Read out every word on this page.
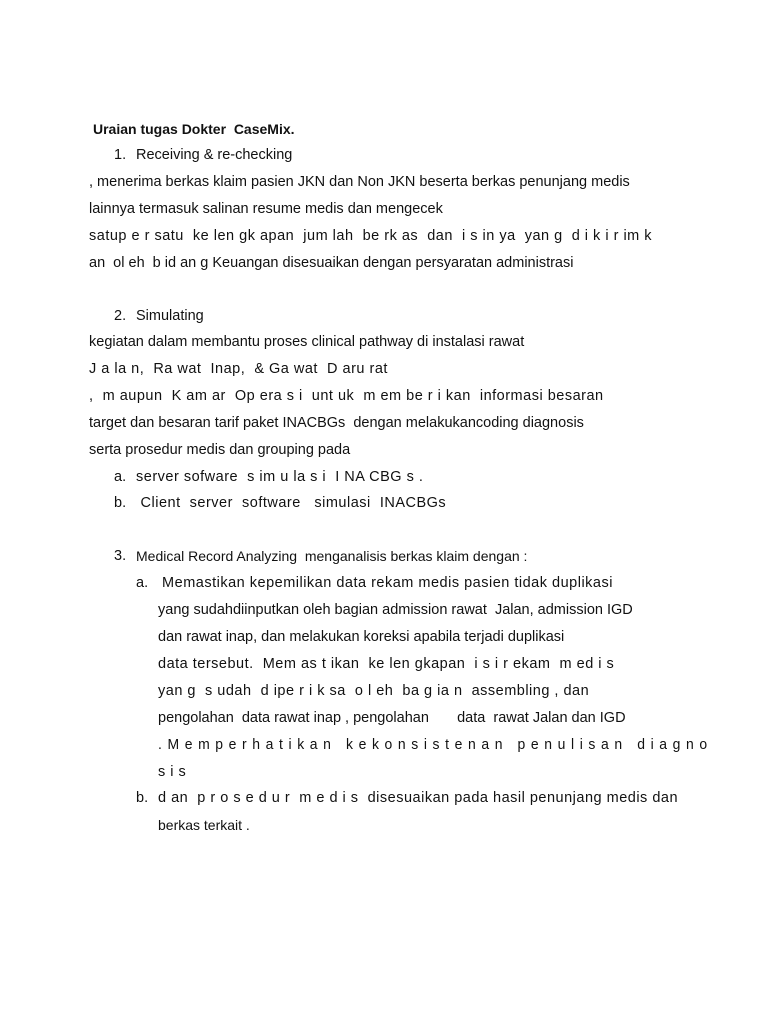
Uraian tugas Dokter  CaseMix.
1. Receiving & re-checking
, menerima berkas klaim pasien JKN dan Non JKN beserta berkas penunjang medis
lainnya termasuk salinan resume medis dan mengecek
satup e r satu  ke len gk apan  jum lah  be rk as  dan  i s in ya  yan g  d i k i r im k
an  ol eh  b id an g Keuangan disesuaikan dengan persyaratan administrasi
2. Simulating
kegiatan dalam membantu proses clinical pathway di instalasi rawat
J a la n,  Ra wat  Inap,  & Ga wat  D aru rat
,  m aupun  K am ar  Op era s i  unt uk  m em be r i kan  informasi besaran
target dan besaran tarif paket INACBGs  dengan melakukancoding diagnosis
serta prosedur medis dan grouping pada
a. server sofware  s im u la s i  I NA CBG s .
b. Client  server  software   simulasi  INACBGs
3. Medical Record Analyzing  menganalisis berkas klaim dengan :
a. Memastikan kepemilikan data rekam medis pasien tidak duplikasi
yang sudahdiinputkan oleh bagian admission rawat  Jalan, admission IGD
dan rawat inap, dan melakukan koreksi apabila terjadi duplikasi
data tersebut.  Mem as t ikan  ke len gkapan  i s i r ekam  m ed i s
yan g  s udah  d ipe r i k sa  o l eh  ba g ia n  assembling , dan
pengolahan  data rawat inap , pengolahan       data  rawat Jalan dan IGD
. M e m p e r h a t i k a n   k e k o n s i s t e n a n   p e n u l i s a n   d i a g n o
s i s
b. d an  p r o s e d u r  m e d i s  disesuaikan pada hasil penunjang medis dan
berkas terkait .
